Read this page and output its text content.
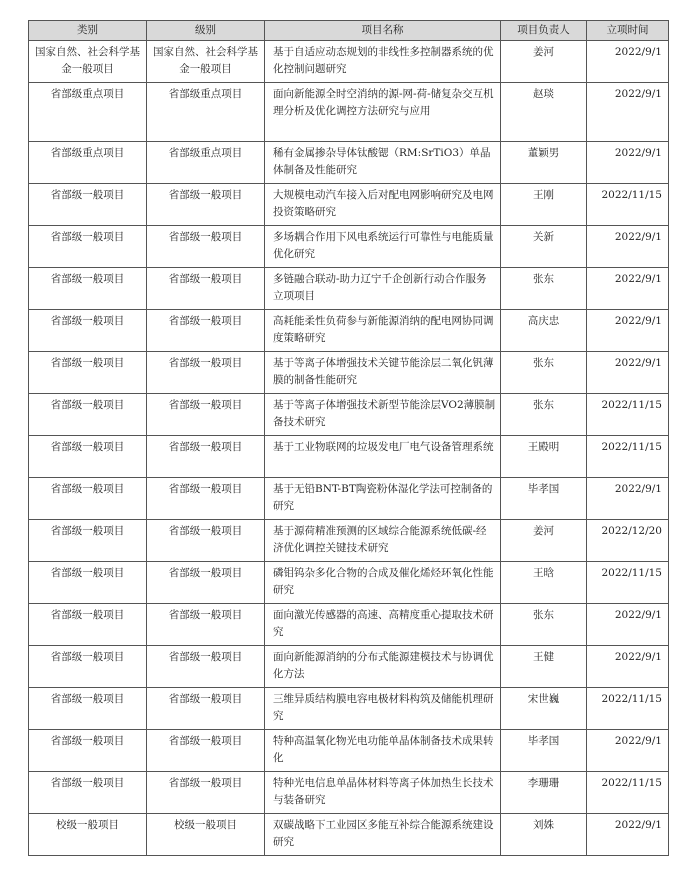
类别	级别	项目名称	项目负责人	立项时间
国家自然、社会科学基金一般项目	国家自然、社会科学基金一般项目	基于自适应动态规划的非线性多控制器系统的优化控制问题研究	姜河	2022/9/1
省部级重点项目	省部级重点项目	面向新能源全时空消纳的源-网-荷-储复杂交互机理分析及优化调控方法研究与应用	赵琰	2022/9/1
省部级重点项目	省部级重点项目	稀有金属掺杂导体钛酸锶（RM:SrTiO3）单晶体制备及性能研究	董颖男	2022/9/1
省部级一般项目	省部级一般项目	大规模电动汽车接入后对配电网影响研究及电网投资策略研究	王刚	2022/11/15
省部级一般项目	省部级一般项目	多场耦合作用下风电系统运行可靠性与电能质量优化研究	关新	2022/9/1
省部级一般项目	省部级一般项目	多链融合联动-助力辽宁千企创新行动合作服务立项项目	张东	2022/9/1
省部级一般项目	省部级一般项目	高耗能柔性负荷参与新能源消纳的配电网协同调度策略研究	高庆忠	2022/9/1
省部级一般项目	省部级一般项目	基于等离子体增强技术关键节能涂层二氧化钒薄膜的制备性能研究	张东	2022/9/1
省部级一般项目	省部级一般项目	基于等离子体增强技术新型节能涂层VO2薄膜制备技术研究	张东	2022/11/15
省部级一般项目	省部级一般项目	基于工业物联网的垃圾发电厂电气设备管理系统	王殿明	2022/11/15
省部级一般项目	省部级一般项目	基于无铅BNT-BT陶瓷粉体湿化学法可控制备的研究	毕孝国	2022/9/1
省部级一般项目	省部级一般项目	基于源荷精准预测的区域综合能源系统低碳-经济优化调控关键技术研究	姜河	2022/12/20
省部级一般项目	省部级一般项目	磷钼钨杂多化合物的合成及催化烯烃环氧化性能研究	王晗	2022/11/15
省部级一般项目	省部级一般项目	面向激光传感器的高速、高精度重心提取技术研究	张东	2022/9/1
省部级一般项目	省部级一般项目	面向新能源消纳的分布式能源建模技术与协调优化方法	王健	2022/9/1
省部级一般项目	省部级一般项目	三维异质结构膜电容电极材料构筑及储能机理研究	宋世巍	2022/11/15
省部级一般项目	省部级一般项目	特种高温氧化物光电功能单晶体制备技术成果转化	毕孝国	2022/9/1
省部级一般项目	省部级一般项目	特种光电信息单晶体材料等离子体加热生长技术与装备研究	李珊珊	2022/11/15
校级一般项目	校级一般项目	双碳战略下工业园区多能互补综合能源系统建设研究	刘姝	2022/9/1
